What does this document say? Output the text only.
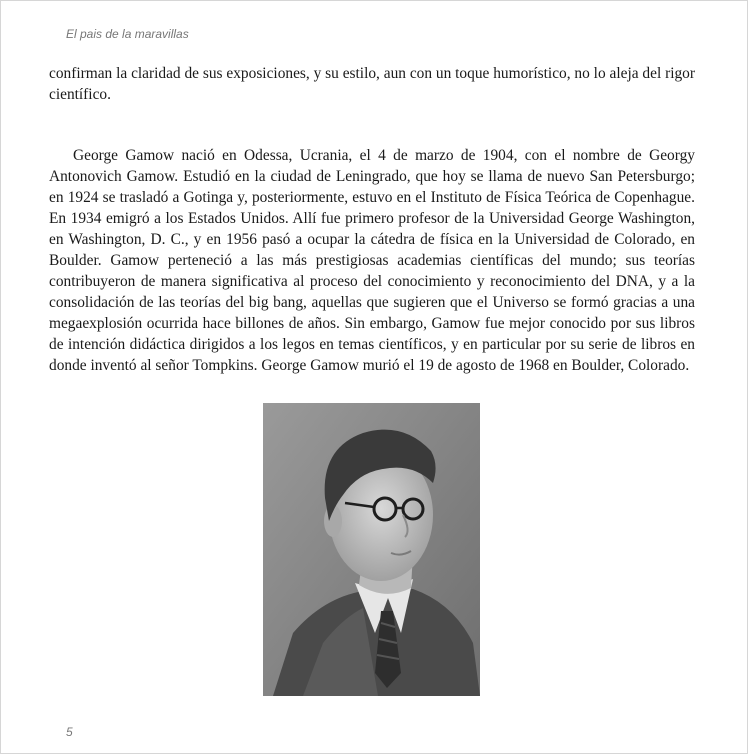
El pais de la maravillas

confirman la claridad de sus exposiciones, y su estilo, aun con un toque humorístico, no lo aleja del rigor científico.

George Gamow nació en Odessa, Ucrania, el 4 de marzo de 1904, con el nombre de Georgy Antonovich Gamow. Estudió en la ciudad de Leningrado, que hoy se llama de nuevo San Petersburgo; en 1924 se trasladó a Gotinga y, posteriormente, estuvo en el Instituto de Física Teórica de Copenhague. En 1934 emigró a los Estados Unidos. Allí fue primero profesor de la Universidad George Washington, en Washington, D. C., y en 1956 pasó a ocupar la cátedra de física en la Universidad de Colorado, en Boulder. Gamow perteneció a las más prestigiosas academias científicas del mundo; sus teorías contribuyeron de manera significativa al proceso del conocimiento y reconocimiento del DNA, y a la consolidación de las teorías del big bang, aquellas que sugieren que el Universo se formó gracias a una megaexplosión ocurrida hace billones de años. Sin embargo, Gamow fue mejor conocido por sus libros de intención didáctica dirigidos a los legos en temas científicos, y en particular por su serie de libros en donde inventó al señor Tompkins. George Gamow murió el 19 de agosto de 1968 en Boulder, Colorado.

5
